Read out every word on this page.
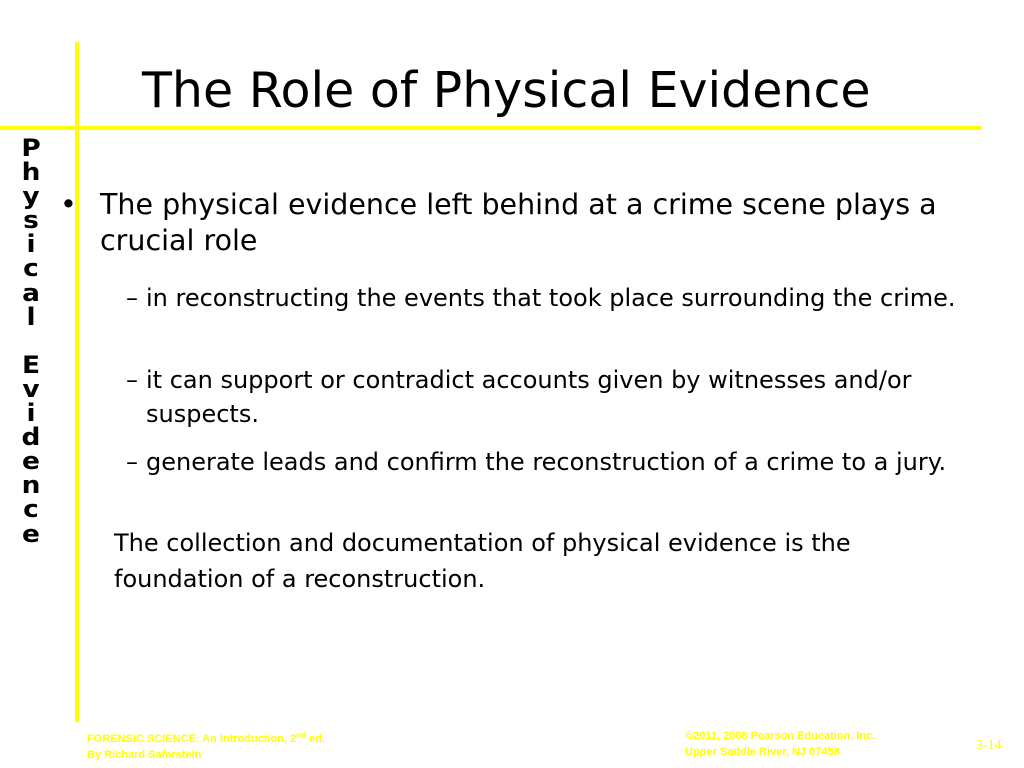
The Role of Physical Evidence
P
h
y
s
i
c
a
l
E
v
i
d
e
n
c
e
• The physical evidence left behind at a crime scene plays a crucial role
– in reconstructing the events that took place surrounding the crime.
– it can support or contradict accounts given by witnesses and/or suspects.
– generate leads and confirm the reconstruction of a crime to a jury.
The collection and documentation of physical evidence is the foundation of a reconstruction.
FORENSIC SCIENCE: An Introduction, 2nd ed.
By Richard Saferstein
©2011, 2008 Pearson Education, Inc.
Upper Saddle River, NJ 07458	3-14
